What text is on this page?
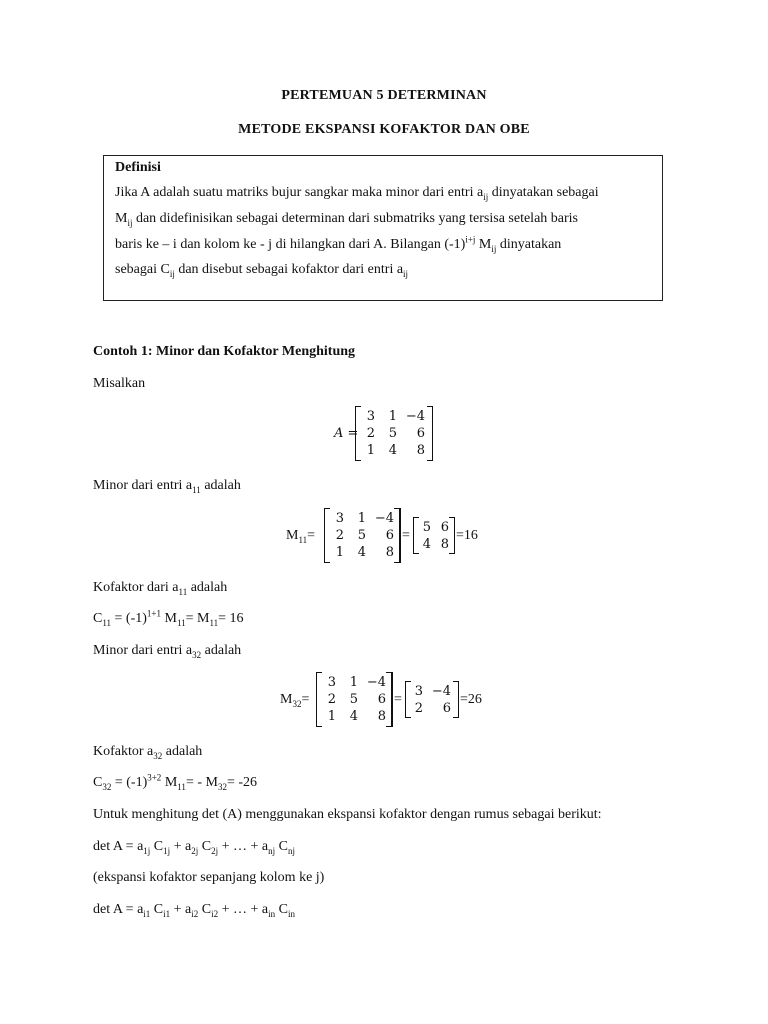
PERTEMUAN 5 DETERMINAN
METODE EKSPANSI KOFAKTOR DAN OBE
Definisi
Jika A adalah suatu matriks bujur sangkar maka minor dari entri $a_{ij}$ dinyatakan sebagai
$M_{ij}$ dan didefinisikan sebagai determinan dari submatriks yang tersisa setelah baris
baris ke – i dan kolom ke - j di hilangkan dari A. Bilangan $(-1)^{i+j}$ $M_{ij}$ dinyatakan
sebagai $C_{ij}$ dan disebut sebagai kofaktor dari entri $a_{ij}$
Contoh 1: Minor dan Kofaktor Menghitung
Misalkan
A =
3	1 −4
2	5	6
1	4	8
Minor dari entri $a_{11}$ adalah
$M_{11}=$
3	1 −4
2	5	6
1	4	8
=
5 6
4 8
=16
Kofaktor dari $a_{11}$ adalah
$C_{11} = (-1)^{1+1}$ $M_{11}= M_{11}= 16$
Minor dari entri $a_{32}$ adalah
$M_{32}=$
3	1 −4
2	5	6
1	4	8
=
3 −4
2	6
=26
Kofaktor $a_{32}$ adalah
$C_{32} = (-1)^{3+2}$ $M_{11}= - M_{32}= -26$
Untuk menghitung det (A) menggunakan ekspansi kofaktor dengan rumus sebagai berikut:
$\det A = a_{1j}$ $C_{1j} + a_{2j}$ $C_{2j}$ + … + $a_{nj}$ $C_{nj}$
(ekspansi kofaktor sepanjang kolom ke j)
$\det A = a_{i1}$ $C_{i1} + a_{i2}$ $C_{i2}$ + … + $a_{in}$ $C_{in}$
